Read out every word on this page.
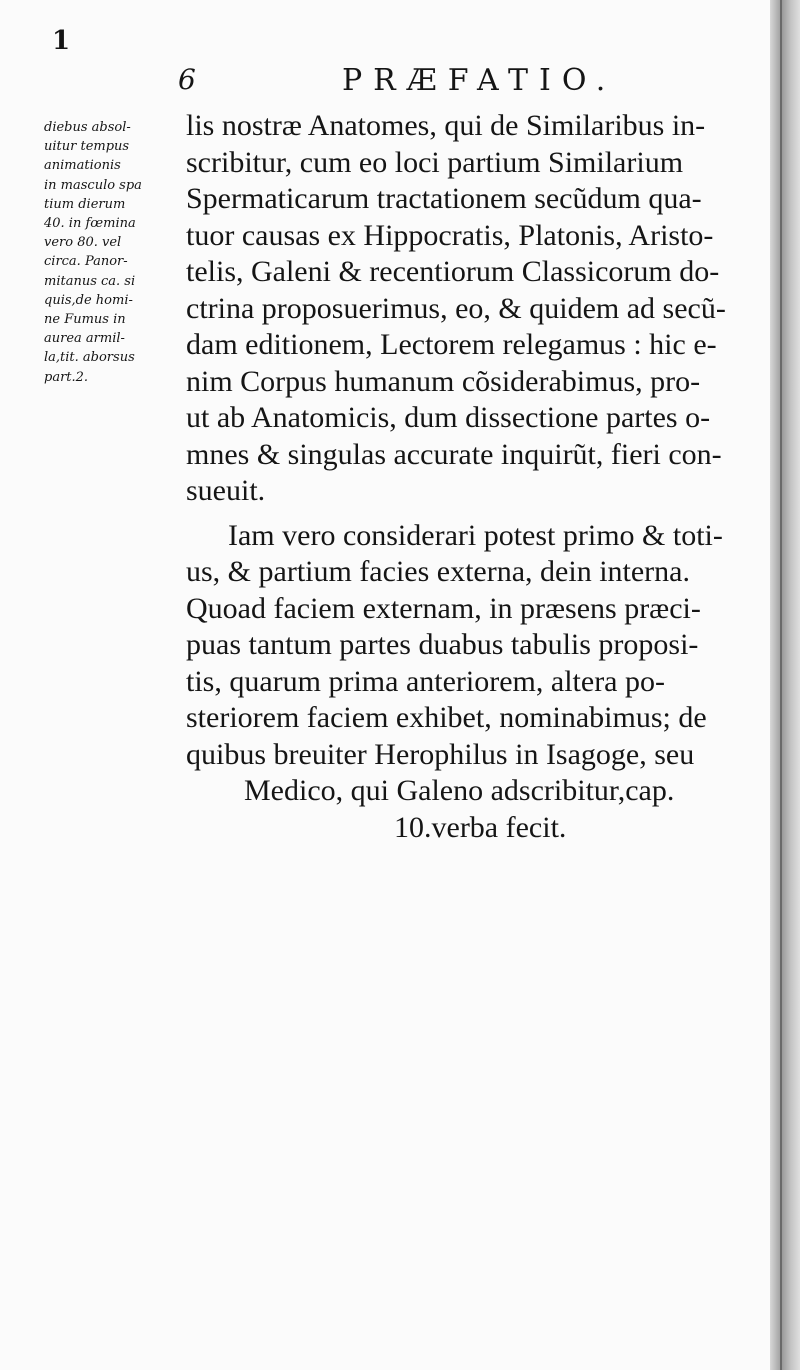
1
6	PRÆFATIO.
diebus absol-
uitur tempus
animationis
in masculo spa
tium dierum
40. in fœmina
vero 80. vel
circa. Panor-
mitanus ca. si
quis,de homi-
ne Fumus in
aurea armil-
la,tit. aborsus
part.2.
lis nostræ Anatomes, qui de Similaribus in-
scribitur, cum eo loci partium Similarium
Spermaticarum tractationem secũdum qua-
tuor causas ex Hippocratis, Platonis, Aristo-
telis, Galeni & recentiorum Classicorum do-
ctrina proposuerimus, eo, & quidem ad secũ-
dam editionem, Lectorem relegamus : hic e-
nim Corpus humanum cõsiderabimus, pro-
ut ab Anatomicis, dum dissectione partes o-
mnes & singulas accurate inquirũt, fieri con-
sueuit.
Iam vero considerari potest primo & toti-
us, & partium facies externa, dein interna.
Quoad faciem externam, in præsens præci-
puas tantum partes duabus tabulis proposi-
tis, quarum prima anteriorem, altera po-
steriorem faciem exhibet, nominabimus; de
quibus breuiter Herophilus in Isagoge, seu
Medico, qui Galeno adscribitur,cap.
10.verba fecit.
